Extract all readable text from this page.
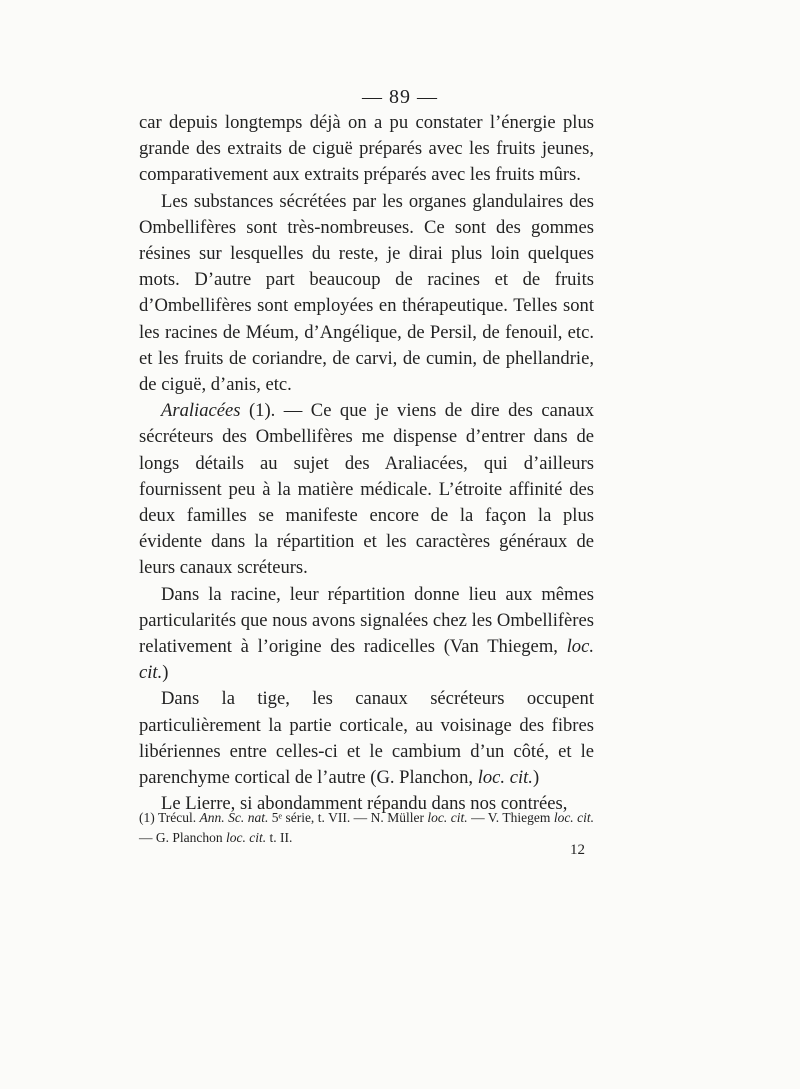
— 89 —

car depuis longtemps déjà on a pu constater l’énergie plus grande des extraits de ciguë préparés avec les fruits jeunes, comparativement aux extraits préparés avec les fruits mûrs.

Les substances sécrétées par les organes glandulaires des Ombellifères sont très-nombreuses. Ce sont des gommes résines sur lesquelles du reste, je dirai plus loin quelques mots. D’autre part beaucoup de racines et de fruits d’Ombellifères sont employées en thérapeutique. Telles sont les racines de Méum, d’Angélique, de Persil, de fenouil, etc. et les fruits de coriandre, de carvi, de cumin, de phellandrie, de ciguë, d’anis, etc.

Araliacées (1). — Ce que je viens de dire des canaux sécréteurs des Ombellifères me dispense d’entrer dans de longs détails au sujet des Araliacées, qui d’ailleurs fournissent peu à la matière médicale. L’étroite affinité des deux familles se manifeste encore de la façon la plus évidente dans la répartition et les caractères généraux de leurs canaux scréteurs.

Dans la racine, leur répartition donne lieu aux mêmes particularités que nous avons signalées chez les Ombellifères relativement à l’origine des radicelles (Van Thiegem, loc. cit.)

Dans la tige, les canaux sécréteurs occupent particulièrement la partie corticale, au voisinage des fibres libériennes entre celles-ci et le cambium d’un côté, et le parenchyme cortical de l’autre (G. Planchon, loc. cit.)

Le Lierre, si abondamment répandu dans nos contrées,

(1) Trécul. Ann. Sc. nat. 5ᵉ série, t. VII. — N. Müller loc. cit. — V. Thiegem loc. cit. — G. Planchon loc. cit. t. II.
12
